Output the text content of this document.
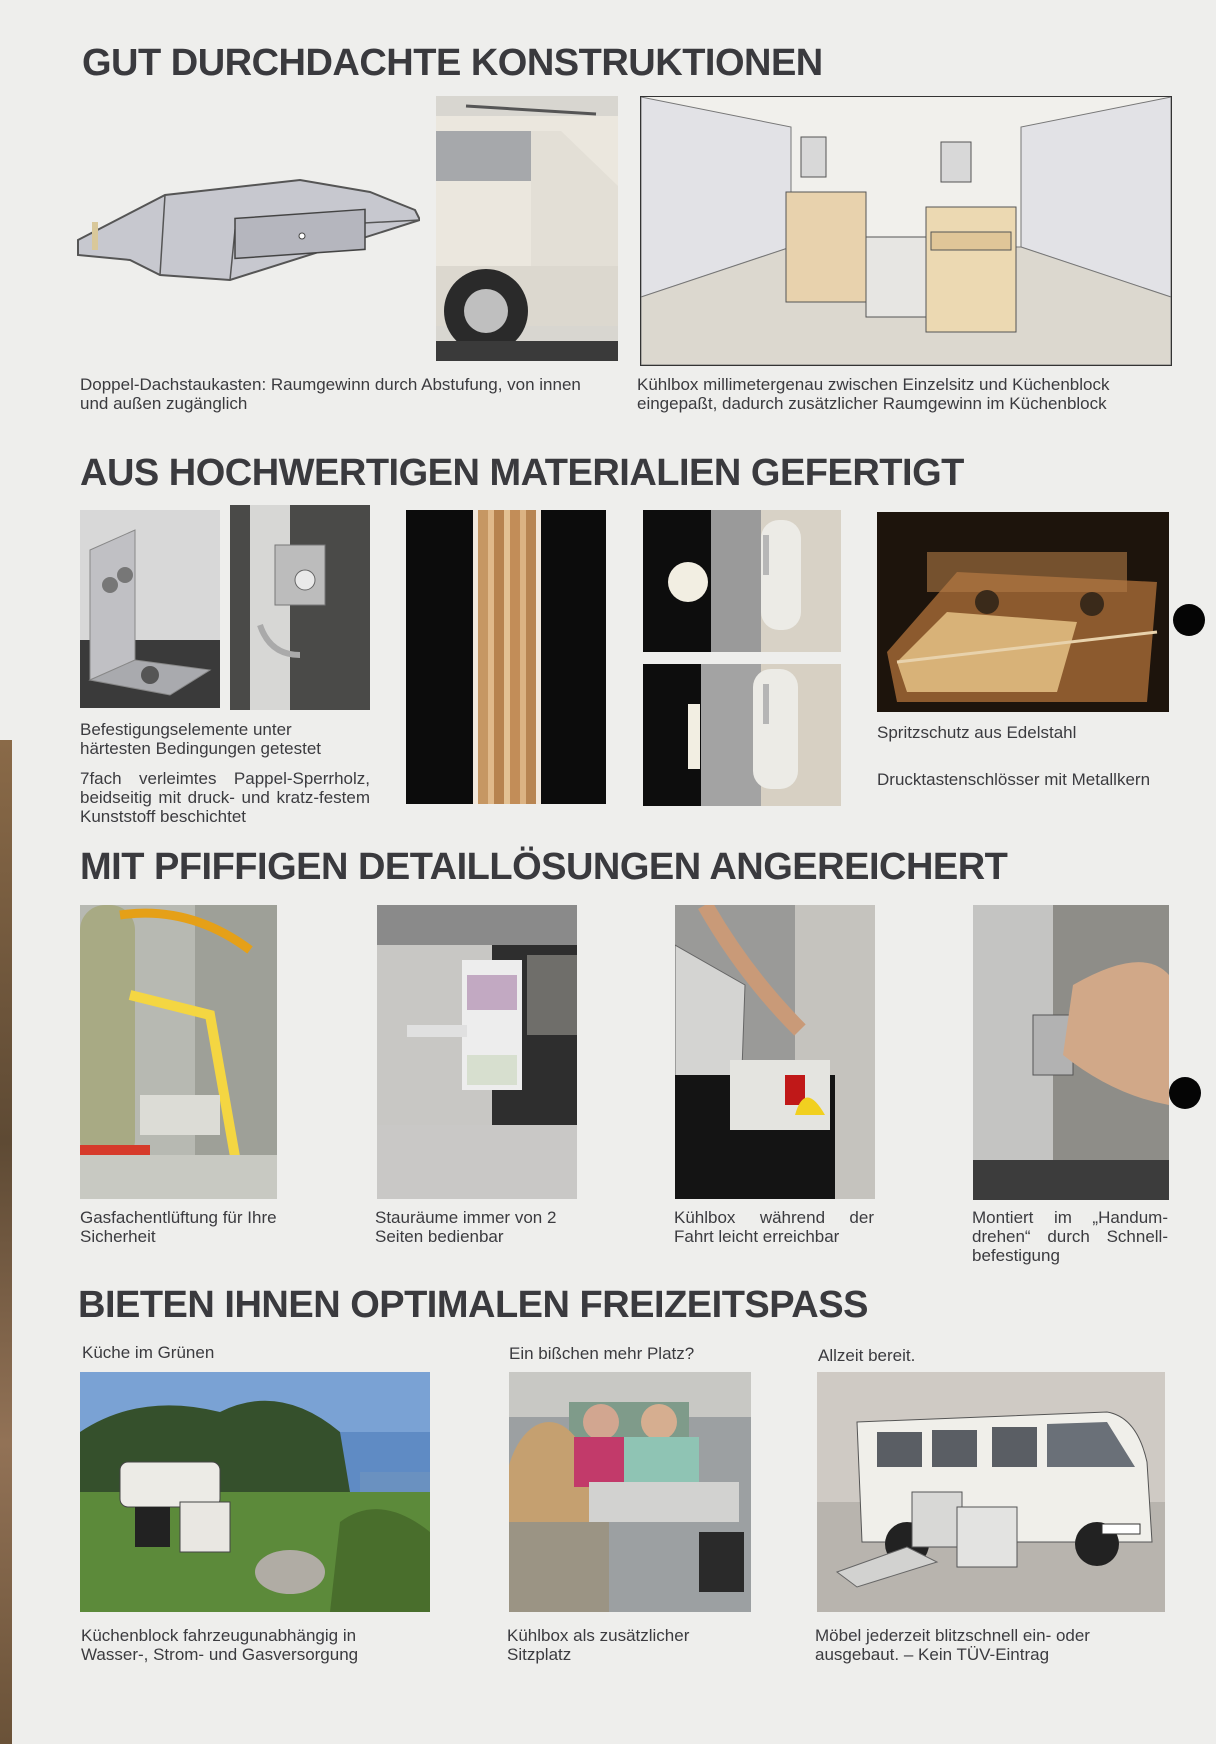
GUT DURCHDACHTE KONSTRUKTIONEN

Doppel-Dachstaukasten: Raumgewinn durch Abstufung, von innen und außen zugänglich

Kühlbox millimetergenau zwischen Einzelsitz und Küchenblock eingepaßt, dadurch zusätzlicher Raumgewinn im Küchenblock

AUS HOCHWERTIGEN MATERIALIEN GEFERTIGT

Befestigungselemente unter härtesten Bedingungen getestet

7fach verleimtes Pappel-Sperrholz, beidseitig mit druck- und kratz-festem Kunststoff beschichtet

Spritzschutz aus Edelstahl

Drucktastenschlösser mit Metallkern

MIT PFIFFIGEN DETAILLÖSUNGEN ANGEREICHERT

Gasfachentlüftung für Ihre Sicherheit

Stauräume immer von 2 Seiten bedienbar

Kühlbox während der Fahrt leicht erreichbar

Montiert im „Handum-drehen“ durch Schnell-befestigung

BIETEN IHNEN OPTIMALEN FREIZEITSPASS

Küche im Grünen	Ein bißchen mehr Platz?	Allzeit bereit.

Küchenblock fahrzeugunabhängig in Wasser-, Strom- und Gasversorgung

Kühlbox als zusätzlicher Sitzplatz

Möbel jederzeit blitzschnell ein- oder ausgebaut. – Kein TÜV-Eintrag
